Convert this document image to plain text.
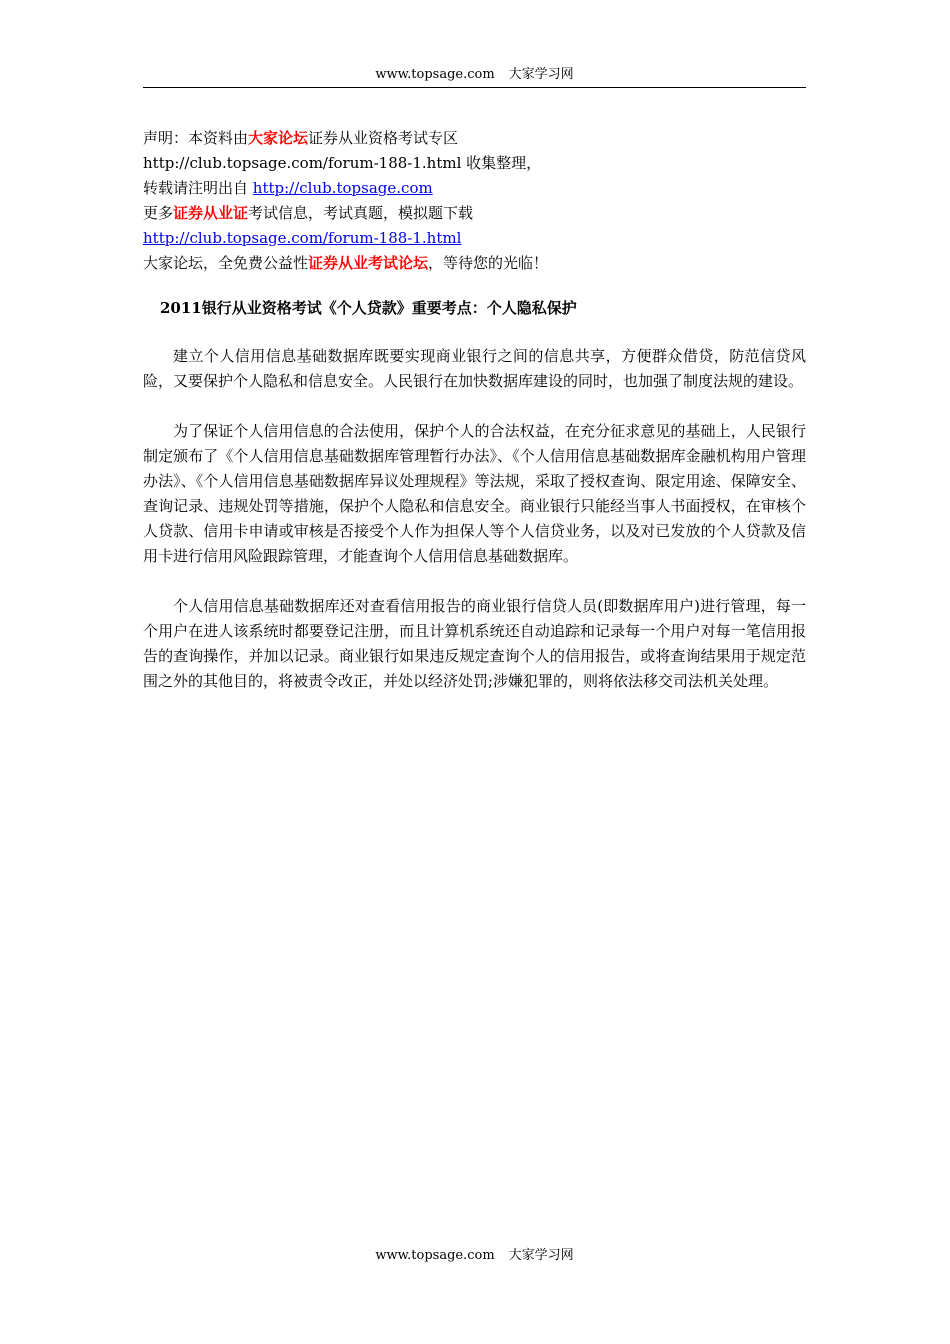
www.topsage.com 大家学习网

声明：本资料由大家论坛证券从业资格考试专区

http://club.topsage.com/forum-188-1.html 收集整理，

转载请注明出自 http://club.topsage.com

更多证券从业证考试信息，考试真题，模拟题下载

http://club.topsage.com/forum-188-1.html

大家论坛，全免费公益性证券从业考试论坛，等待您的光临！

2011银行从业资格考试《个人贷款》重要考点：个人隐私保护

建立个人信用信息基础数据库既要实现商业银行之间的信息共享，方便群众借贷，防范信贷风险，又要保护个人隐私和信息安全。人民银行在加快数据库建设的同时，也加强了制度法规的建设。

为了保证个人信用信息的合法使用，保护个人的合法权益，在充分征求意见的基础上，人民银行制定颁布了《个人信用信息基础数据库管理暂行办法》、《个人信用信息基础数据库金融机构用户管理办法》、《个人信用信息基础数据库异议处理规程》等法规，采取了授权查询、限定用途、保障安全、查询记录、违规处罚等措施，保护个人隐私和信息安全。商业银行只能经当事人书面授权，在审核个人贷款、信用卡申请或审核是否接受个人作为担保人等个人信贷业务，以及对已发放的个人贷款及信用卡进行信用风险跟踪管理，才能查询个人信用信息基础数据库。

个人信用信息基础数据库还对查看信用报告的商业银行信贷人员(即数据库用户)进行管理，每一个用户在进人该系统时都要登记注册，而且计算机系统还自动追踪和记录每一个用户对每一笔信用报告的查询操作，并加以记录。商业银行如果违反规定查询个人的信用报告，或将查询结果用于规定范围之外的其他目的，将被责令改正，并处以经济处罚;涉嫌犯罪的，则将依法移交司法机关处理。

www.topsage.com 大家学习网
